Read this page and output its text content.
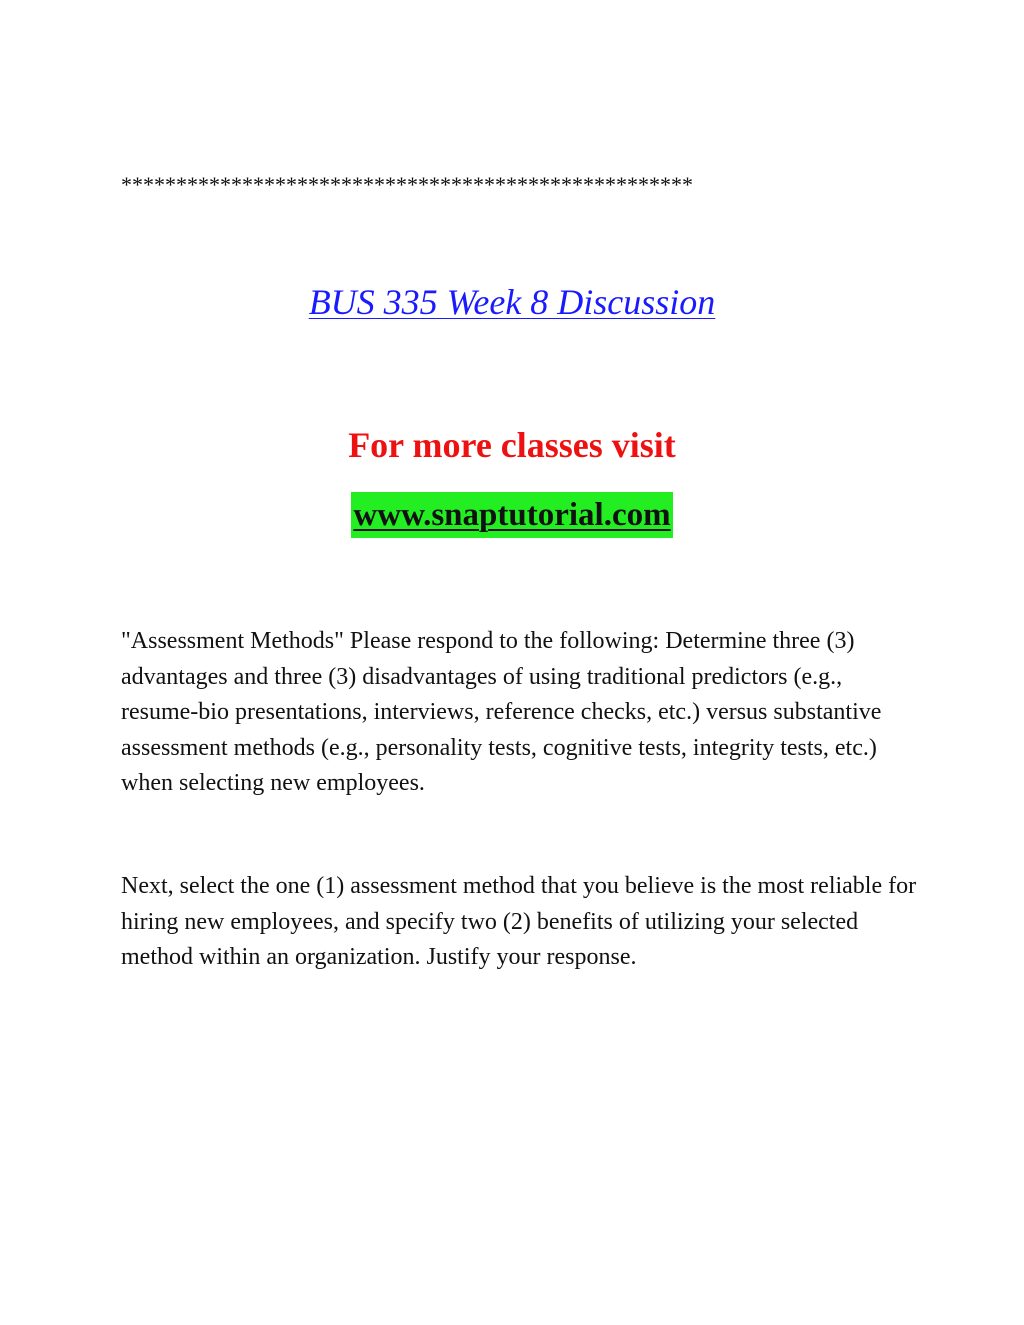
****************************************************
BUS 335 Week 8 Discussion
For more classes visit
www.snaptutorial.com

"Assessment Methods" Please respond to the following: Determine three (3) advantages and three (3) disadvantages of using traditional predictors (e.g., resume-bio presentations, interviews, reference checks, etc.) versus substantive assessment methods (e.g., personality tests, cognitive tests, integrity tests, etc.) when selecting new employees.

Next, select the one (1) assessment method that you believe is the most reliable for hiring new employees, and specify two (2) benefits of utilizing your selected method within an organization. Justify your response.
